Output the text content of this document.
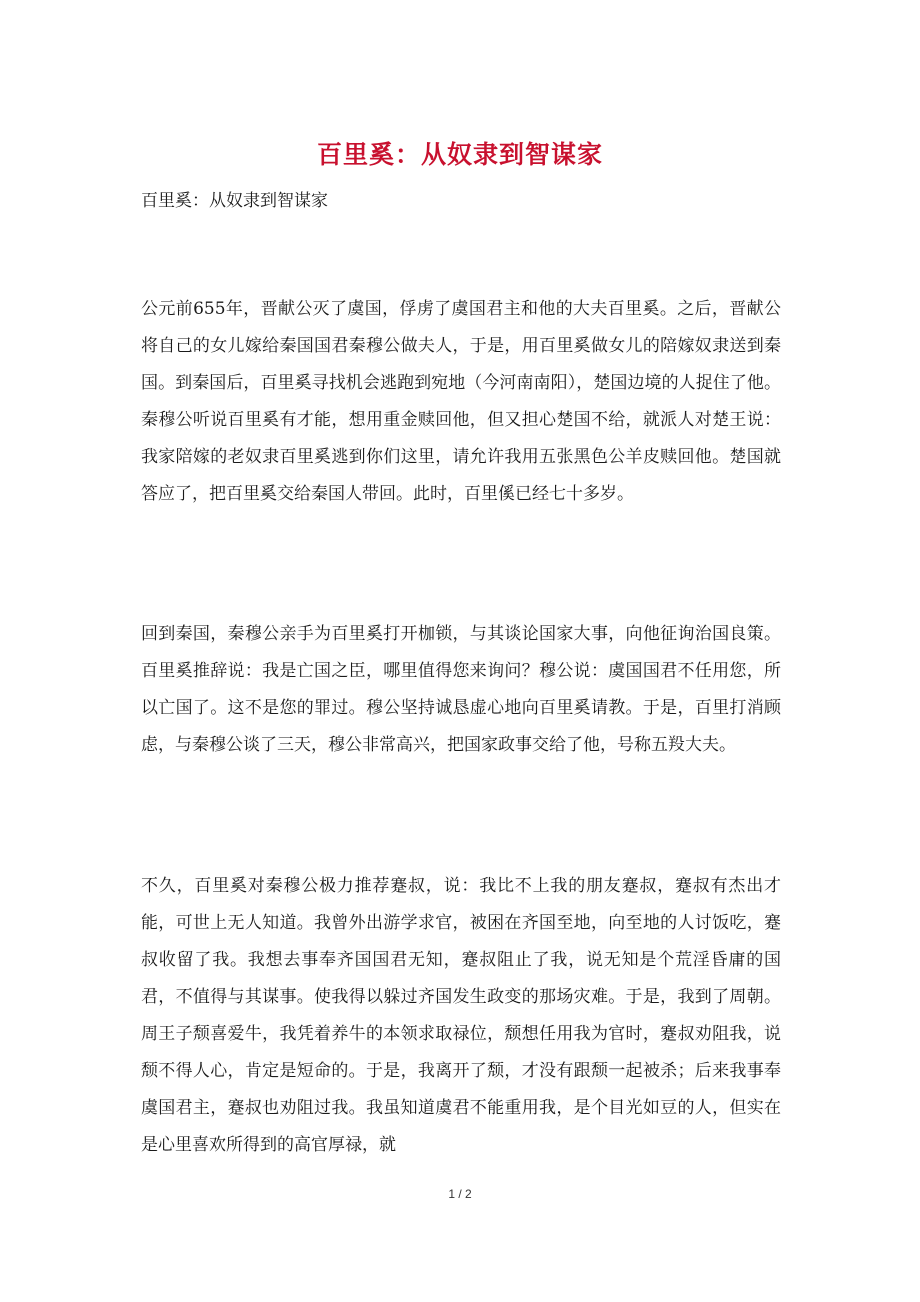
百里奚：从奴隶到智谋家
百里奚：从奴隶到智谋家
公元前655年，晋献公灭了虞国，俘虏了虞国君主和他的大夫百里奚。之后，晋献公将自己的女儿嫁给秦国国君秦穆公做夫人，于是，用百里奚做女儿的陪嫁奴隶送到秦国。到秦国后，百里奚寻找机会逃跑到宛地（今河南南阳），楚国边境的人捉住了他。秦穆公听说百里奚有才能，想用重金赎回他，但又担心楚国不给，就派人对楚王说：我家陪嫁的老奴隶百里奚逃到你们这里，请允许我用五张黑色公羊皮赎回他。楚国就答应了，把百里奚交给秦国人带回。此时，百里傒已经七十多岁。
回到秦国，秦穆公亲手为百里奚打开枷锁，与其谈论国家大事，向他征询治国良策。百里奚推辞说：我是亡国之臣，哪里值得您来询问？穆公说：虞国国君不任用您，所以亡国了。这不是您的罪过。穆公坚持诚恳虚心地向百里奚请教。于是，百里打消顾虑，与秦穆公谈了三天，穆公非常高兴，把国家政事交给了他，号称五羖大夫。
不久，百里奚对秦穆公极力推荐蹇叔，说：我比不上我的朋友蹇叔，蹇叔有杰出才能，可世上无人知道。我曾外出游学求官，被困在齐国至地，向至地的人讨饭吃，蹇叔收留了我。我想去事奉齐国国君无知，蹇叔阻止了我，说无知是个荒淫昏庸的国君，不值得与其谋事。使我得以躲过齐国发生政变的那场灾难。于是，我到了周朝。周王子颓喜爱牛，我凭着养牛的本领求取禄位，颓想任用我为官时，蹇叔劝阻我，说颓不得人心，肯定是短命的。于是，我离开了颓，才没有跟颓一起被杀；后来我事奉虞国君主，蹇叔也劝阻过我。我虽知道虞君不能重用我，是个目光如豆的人，但实在是心里喜欢所得到的高官厚禄，就
1 / 2
